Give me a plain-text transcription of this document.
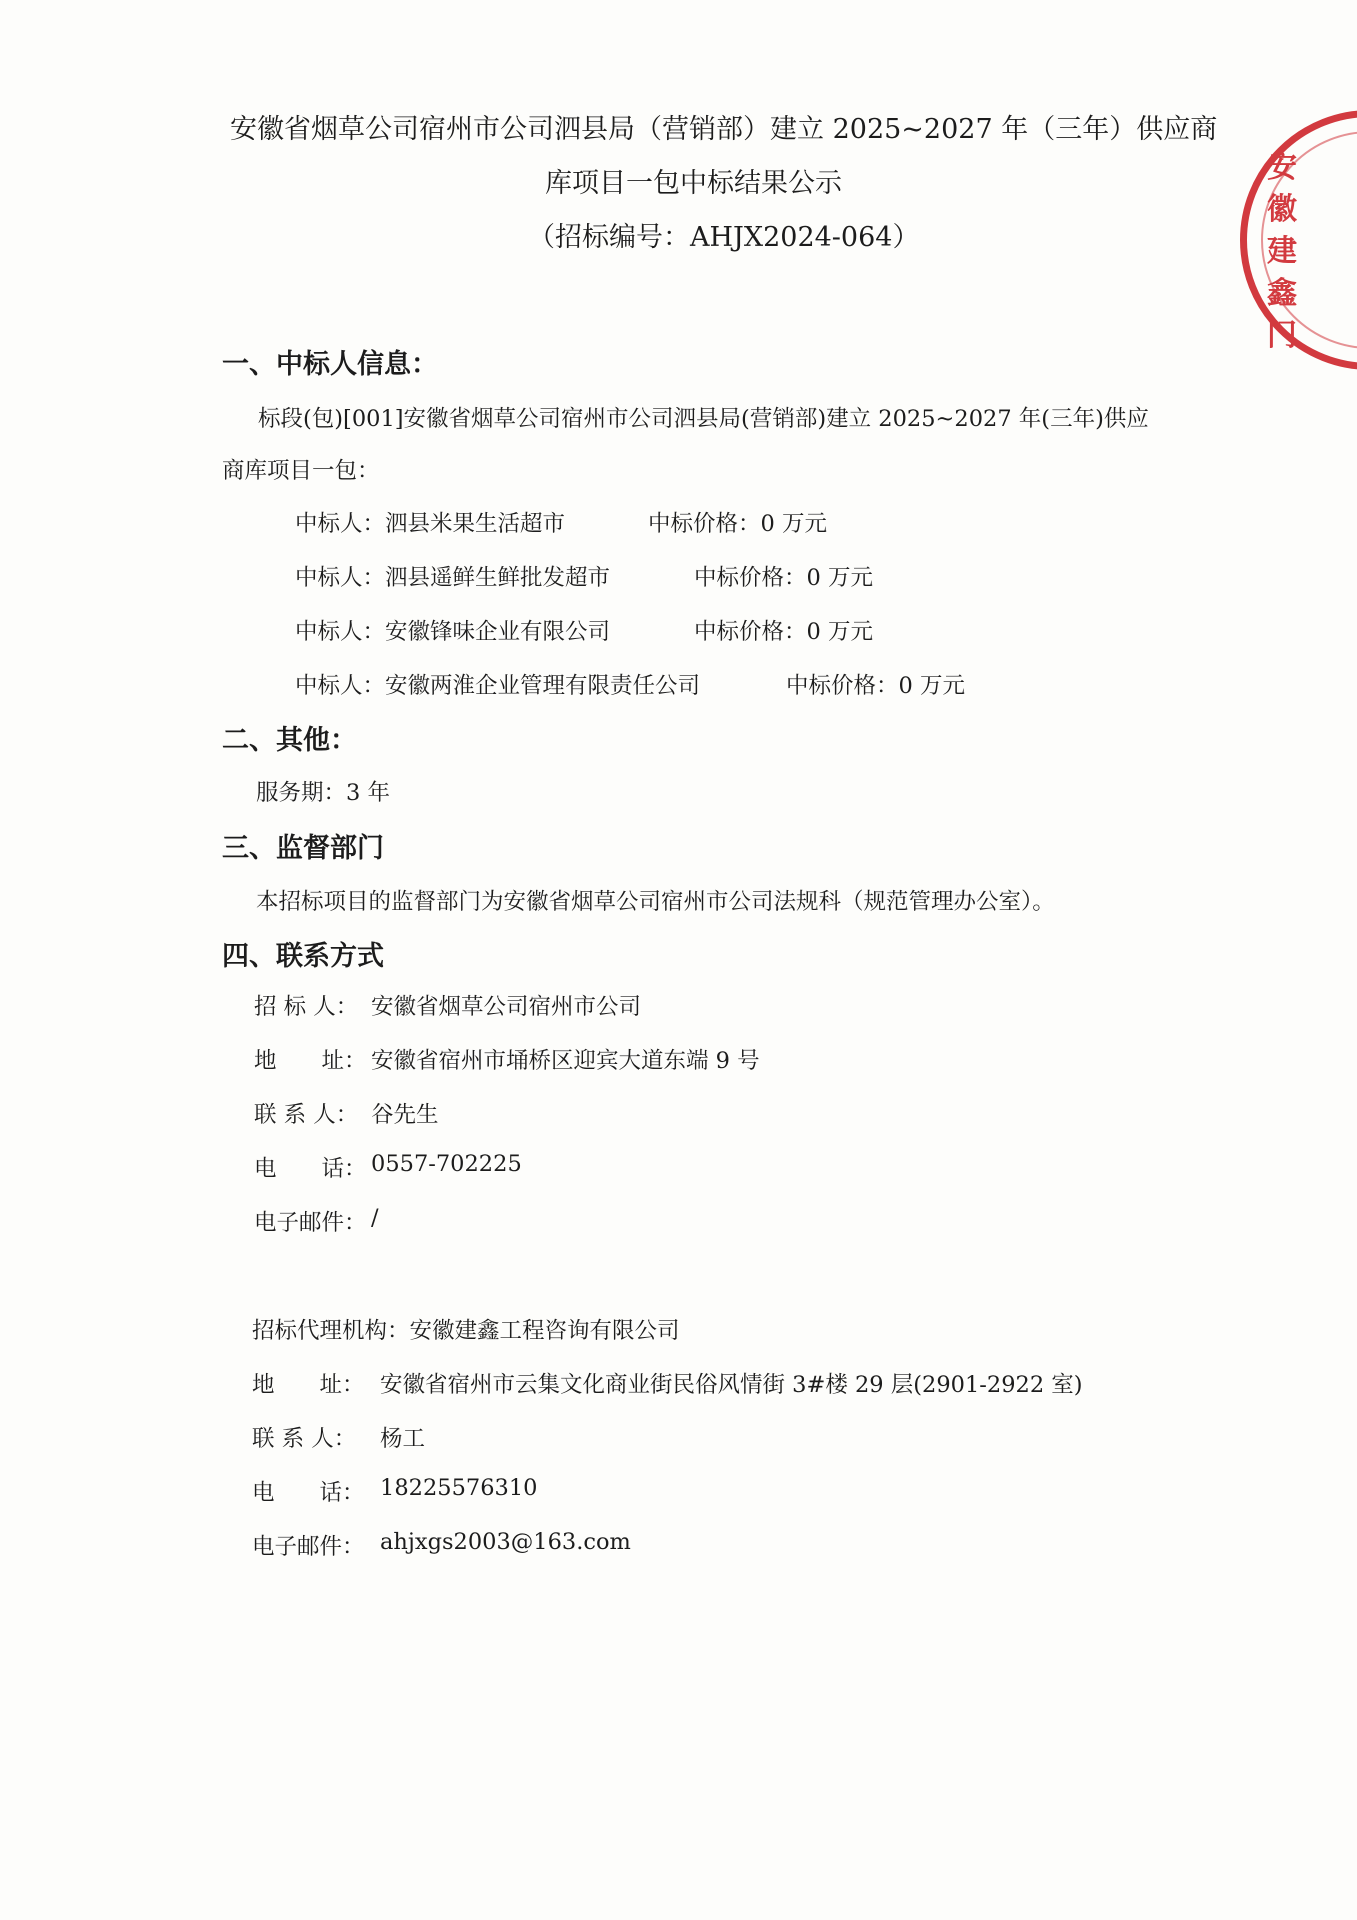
安徽省烟草公司宿州市公司泗县局（营销部）建立 2025~2027 年（三年）供应商
库项目一包中标结果公示
（招标编号：AHJX2024-064）
一、中标人信息：
标段(包)[001]安徽省烟草公司宿州市公司泗县局(营销部)建立 2025~2027 年(三年)供应
商库项目一包：
中标人：泗县米果生活超市	中标价格：0 万元
中标人：泗县遥鲜生鲜批发超市	中标价格：0 万元
中标人：安徽锋味企业有限公司	中标价格：0 万元
中标人：安徽两淮企业管理有限责任公司	中标价格：0 万元
二、其他：
服务期：3 年
三、监督部门
本招标项目的监督部门为安徽省烟草公司宿州市公司法规科（规范管理办公室）。
四、联系方式
招 标 人： 安徽省烟草公司宿州市公司
地　　址： 安徽省宿州市埇桥区迎宾大道东端 9 号
联 系 人： 谷先生
电　　话： 0557-702225
电子邮件： /
招标代理机构：安徽建鑫工程咨询有限公司
地　　址： 安徽省宿州市云集文化商业街民俗风情街 3#楼 29 层(2901-2922 室)
联 系 人： 杨工
电　　话： 18225576310
电子邮件： ahjxgs2003@163.com
安徽建鑫门
